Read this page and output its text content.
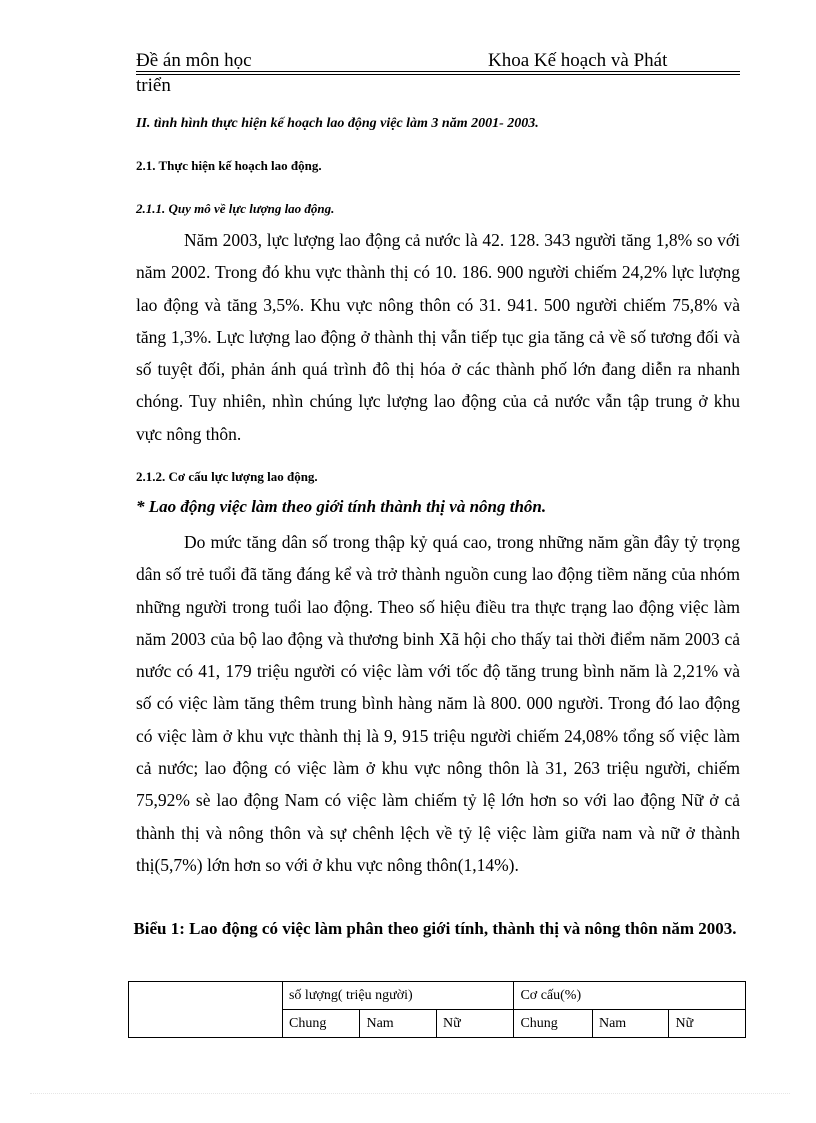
Đề án môn học	Khoa Kế hoạch và Phát
triển
II. tình hình thực hiện kế hoạch lao động việc làm 3 năm 2001- 2003.
2.1. Thực hiện kế hoạch lao động.
2.1.1. Quy mô về lực lượng lao động.

Năm 2003, lực lượng lao động cả nước là 42. 128. 343 người tăng 1,8% so với năm 2002. Trong đó khu vực thành thị có 10. 186. 900 người chiếm 24,2% lực lượng lao động và tăng 3,5%. Khu vực nông thôn có 31. 941. 500 người chiếm 75,8% và tăng 1,3%. Lực lượng lao động ở thành thị vẫn tiếp tục gia tăng cả về số tương đối và số tuyệt đối, phản ánh quá trình đô thị hóa ở các thành phố lớn đang diễn ra nhanh chóng. Tuy nhiên, nhìn chúng lực lượng lao động của cả nước vẫn tập trung ở khu vực nông thôn.

2.1.2. Cơ cấu lực lượng lao động.
* Lao động việc làm theo giới tính thành thị và nông thôn.

Do mức tăng dân số trong thập kỷ quá cao, trong những năm gần đây tỷ trọng dân số trẻ tuổi đã tăng đáng kể và trở thành nguồn cung lao động tiềm năng của nhóm những người trong tuổi lao động. Theo số hiệu điều tra thực trạng lao động việc làm năm 2003 của bộ lao động và thương binh Xã hội cho thấy tai thời điểm năm 2003 cả nước có 41, 179 triệu người có việc làm với tốc độ tăng trung bình năm là 2,21% và số có việc làm tăng thêm trung bình hàng năm là 800. 000 người. Trong đó lao động có việc làm ở khu vực thành thị là 9, 915 triệu người chiếm 24,08% tổng số việc làm cả nước; lao động có việc làm ở khu vực nông thôn là 31, 263 triệu người, chiếm 75,92% sè lao động Nam có việc làm chiếm tỷ lệ lớn hơn so với lao động Nữ ở cả thành thị và nông thôn và sự chênh lệch về tỷ lệ việc làm giữa nam và nữ ở thành thị(5,7%) lớn hơn so với ở khu vực nông thôn(1,14%).

Biểu 1: Lao động có việc làm phân theo giới tính, thành thị và nông thôn năm 2003.
	số lượng( triệu người)			Cơ cấu(%)		
	Chung	Nam	Nữ	Chung	Nam	Nữ
